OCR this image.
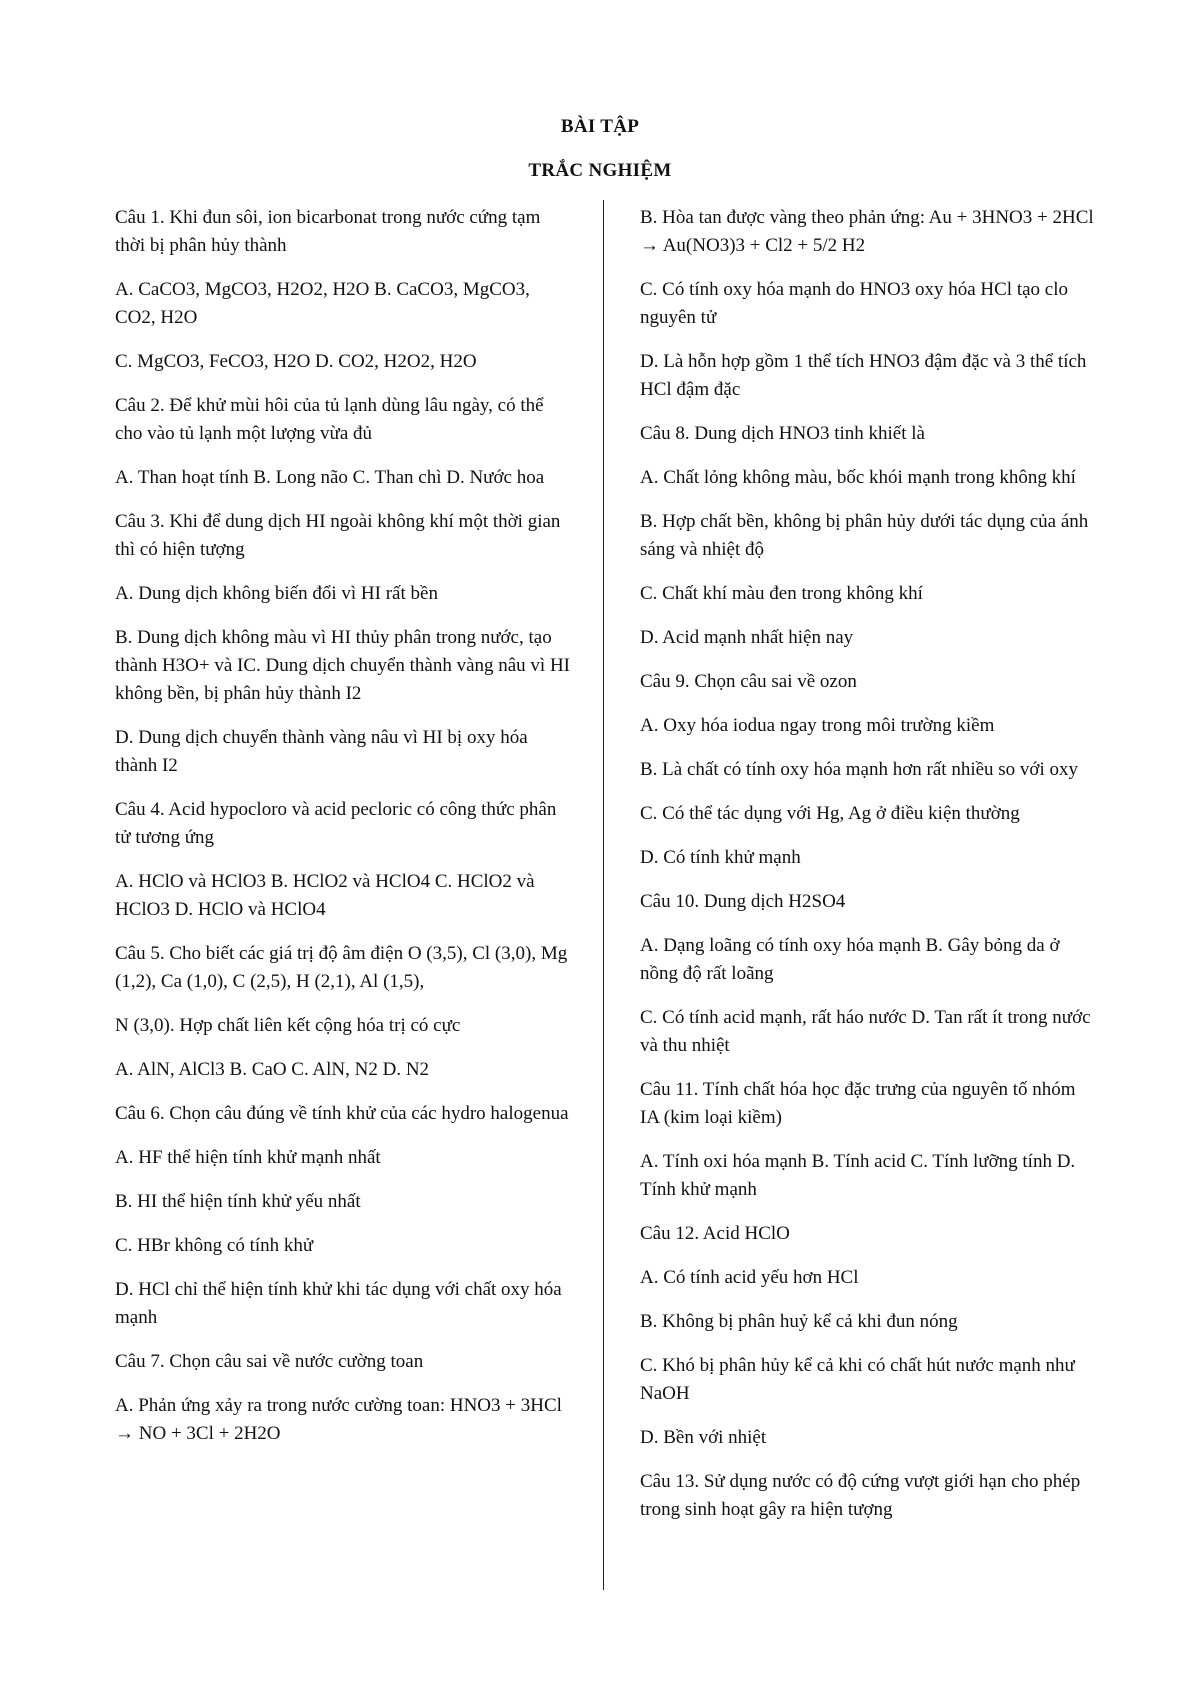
BÀI TẬP
TRẮC NGHIỆM

Câu 1. Khi đun sôi, ion bicarbonat trong nước cứng tạm thời bị phân hủy thành

A. CaCO3, MgCO3, H2O2, H2O B. CaCO3, MgCO3, CO2, H2O

C. MgCO3, FeCO3, H2O D. CO2, H2O2, H2O

Câu 2. Để khử mùi hôi của tủ lạnh dùng lâu ngày, có thể cho vào tủ lạnh một lượng vừa đủ

A. Than hoạt tính B. Long não C. Than chì D. Nước hoa

Câu 3. Khi để dung dịch HI ngoài không khí một thời gian thì có hiện tượng

A. Dung dịch không biến đổi vì HI rất bền

B. Dung dịch không màu vì HI thủy phân trong nước, tạo thành H3O+ và IC. Dung dịch chuyển thành vàng nâu vì HI không bền, bị phân hủy thành I2

D. Dung dịch chuyển thành vàng nâu vì HI bị oxy hóa thành I2

Câu 4. Acid hypocloro và acid pecloric có công thức phân tử tương ứng

A. HClO và HClO3 B. HClO2 và HClO4 C. HClO2 và HClO3 D. HClO và HClO4

Câu 5. Cho biết các giá trị độ âm điện O (3,5), Cl (3,0), Mg (1,2), Ca (1,0), C (2,5), H (2,1), Al (1,5),

N (3,0). Hợp chất liên kết cộng hóa trị có cực

A. AlN, AlCl3 B. CaO C. AlN, N2 D. N2

Câu 6. Chọn câu đúng về tính khử của các hydro halogenua

A. HF thể hiện tính khử mạnh nhất

B. HI thể hiện tính khử yếu nhất

C. HBr không có tính khử

D. HCl chỉ thể hiện tính khử khi tác dụng với chất oxy hóa mạnh

Câu 7. Chọn câu sai về nước cường toan

A. Phản ứng xảy ra trong nước cường toan: HNO3 + 3HCl → NO + 3Cl + 2H2O

B. Hòa tan được vàng theo phản ứng: Au + 3HNO3 + 2HCl → Au(NO3)3 + Cl2 + 5/2 H2

C. Có tính oxy hóa mạnh do HNO3 oxy hóa HCl tạo clo nguyên tử

D. Là hỗn hợp gồm 1 thể tích HNO3 đậm đặc và 3 thể tích HCl đậm đặc

Câu 8. Dung dịch HNO3 tinh khiết là

A. Chất lỏng không màu, bốc khói mạnh trong không khí

B. Hợp chất bền, không bị phân hủy dưới tác dụng của ánh sáng và nhiệt độ

C. Chất khí màu đen trong không khí

D. Acid mạnh nhất hiện nay

Câu 9. Chọn câu sai về ozon

A. Oxy hóa iodua ngay trong môi trường kiềm

B. Là chất có tính oxy hóa mạnh hơn rất nhiều so với oxy

C. Có thể tác dụng với Hg, Ag ở điều kiện thường

D. Có tính khử mạnh

Câu 10. Dung dịch H2SO4

A. Dạng loãng có tính oxy hóa mạnh B. Gây bỏng da ở nồng độ rất loãng

C. Có tính acid mạnh, rất háo nước D. Tan rất ít trong nước và thu nhiệt

Câu 11. Tính chất hóa học đặc trưng của nguyên tố nhóm IA (kim loại kiềm)

A. Tính oxi hóa mạnh B. Tính acid C. Tính lưỡng tính D. Tính khử mạnh

Câu 12. Acid HClO

A. Có tính acid yếu hơn HCl

B. Không bị phân huỷ kể cả khi đun nóng

C. Khó bị phân hủy kể cả khi có chất hút nước mạnh như NaOH

D. Bền với nhiệt

Câu 13. Sử dụng nước có độ cứng vượt giới hạn cho phép trong sinh hoạt gây ra hiện tượng
